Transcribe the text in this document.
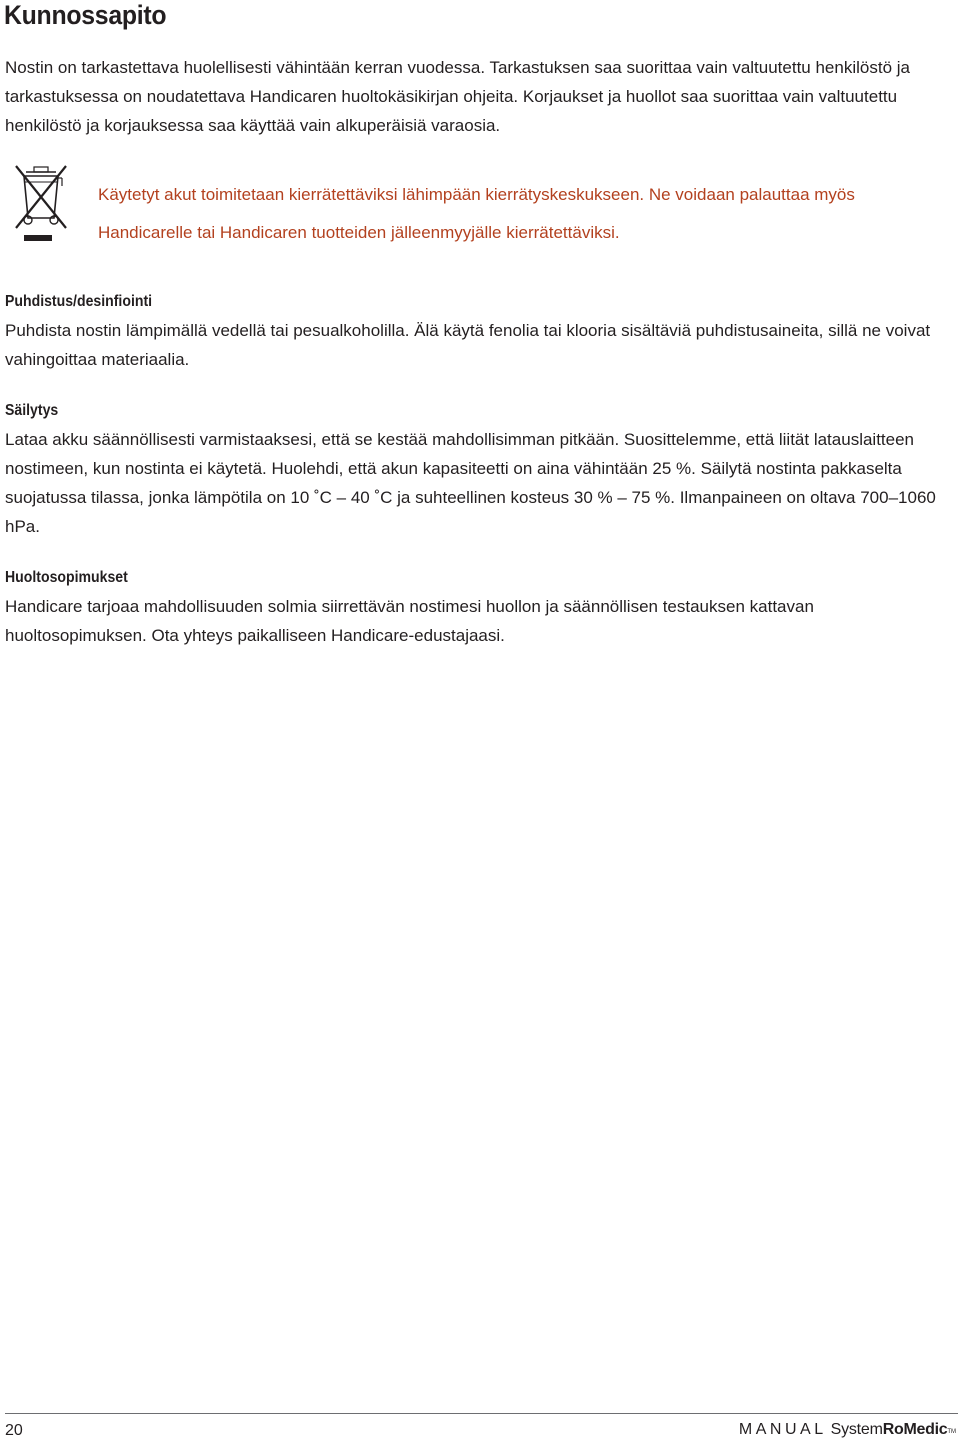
Kunnossapito

Nostin on tarkastettava huolellisesti vähintään kerran vuodessa. Tarkastuksen saa suorittaa vain valtuutettu henkilöstö ja tarkastuksessa on noudatettava Handicaren huoltokäsikirjan ohjeita. Korjaukset ja huollot saa suorittaa vain valtuutettu henkilöstö ja korjauksessa saa käyttää vain alkuperäisiä varaosia.

Käytetyt akut toimitetaan kierrätettäviksi lähimpään kierrätyskeskukseen. Ne voidaan palauttaa myös Handicarelle tai Handicaren tuotteiden jälleenmyyjälle kierrätettäviksi.

Puhdistus/desinfiointi

Puhdista nostin lämpimällä vedellä tai pesualkoholilla. Älä käytä fenolia tai klooria sisältäviä puhdistusaineita, sillä ne voivat vahingoittaa materiaalia.

Säilytys

Lataa akku säännöllisesti varmistaaksesi, että se kestää mahdollisimman pitkään. Suosittelemme, että liität latauslaitteen nostimeen, kun nostinta ei käytetä. Huolehdi, että akun kapasiteetti on aina vähintään 25 %. Säilytä nostinta pakkaselta suojatussa tilassa, jonka lämpötila on 10 ˚C – 40 ˚C ja suhteellinen kosteus 30 % – 75 %. Ilmanpaineen on oltava 700–1060 hPa.

Huoltosopimukset

Handicare tarjoaa mahdollisuuden solmia siirrettävän nostimesi huollon ja säännöllisen testauksen kattavan huoltosopimuksen. Ota yhteys paikalliseen Handicare-edustajaasi.

20	MANUAL SystemRoMedic™
